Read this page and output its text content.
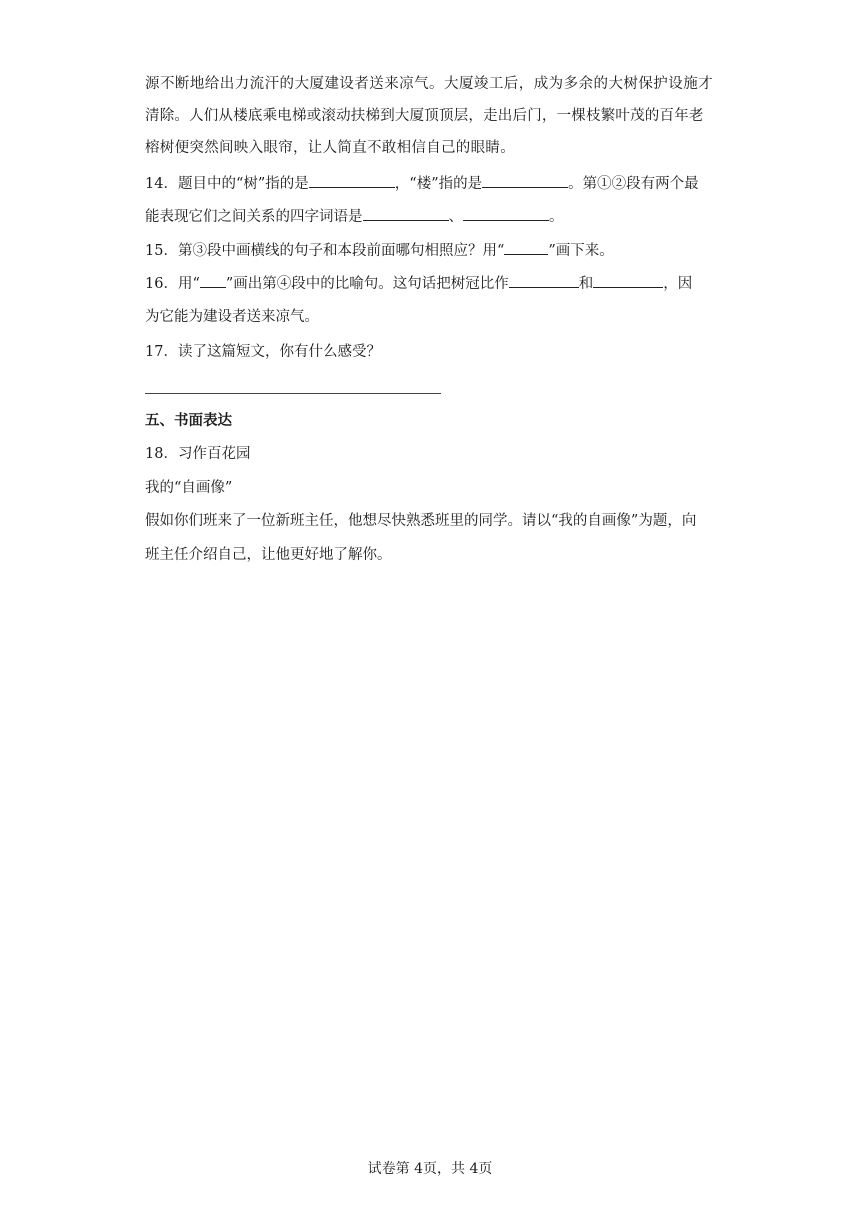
源不断地给出力流汗的大厦建设者送来凉气。大厦竣工后，成为多余的大树保护设施才
清除。人们从楼底乘电梯或滚动扶梯到大厦顶顶层，走出后门，一棵枝繁叶茂的百年老
榕树便突然间映入眼帘，让人简直不敢相信自己的眼睛。
14．题目中的“树”指的是	，“楼”指的是	。第①②段有两个最
能表现它们之间关系的四字词语是	、	。
15．第③段中画横线的句子和本段前面哪句相照应？用“	”画下来。
16．用“ ”画出第④段中的比喻句。这句话把树冠比作	和	，因
为它能为建设者送来凉气。
17．读了这篇短文，你有什么感受？
五、书面表达
18．习作百花园
我的“自画像”
假如你们班来了一位新班主任，他想尽快熟悉班里的同学。请以“我的自画像”为题，向
班主任介绍自己，让他更好地了解你。
试卷第 4页，共 4页
